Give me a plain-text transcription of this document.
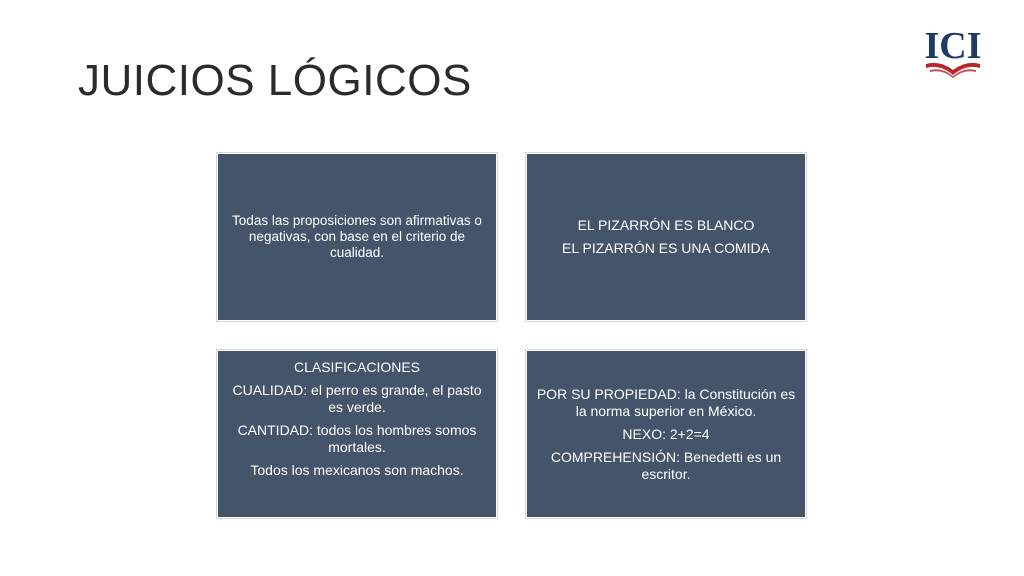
JUICIOS LÓGICOS
ICI

Todas las proposiciones son afirmativas o negativas, con base en el criterio de cualidad.

EL PIZARRÓN ES BLANCO

EL PIZARRÓN ES UNA COMIDA

CLASIFICACIONES

CUALIDAD: el perro es grande, el pasto es verde.

CANTIDAD: todos los hombres somos mortales.

Todos los mexicanos son machos.

POR SU PROPIEDAD: la Constitución es la norma superior en México.

NEXO: 2+2=4

COMPREHENSIÓN: Benedetti es un escritor.
